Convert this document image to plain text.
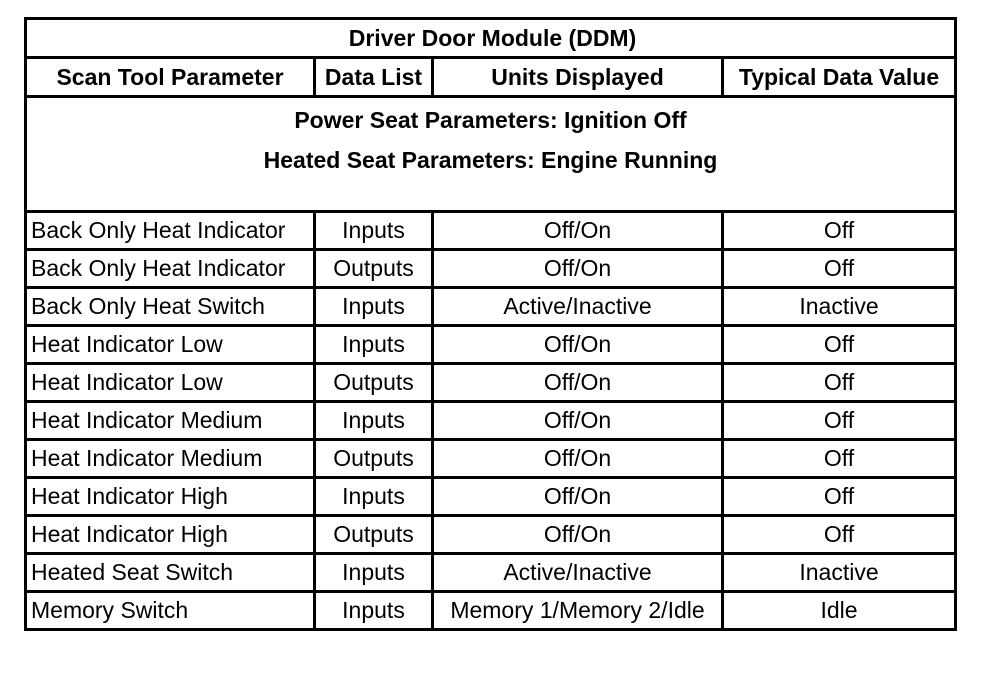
Driver Door Module (DDM)			
Scan Tool Parameter	Data List	Units Displayed	Typical Data Value

Power Seat Parameters: Ignition Off
Heated Seat Parameters: Engine Running			

Back Only Heat Indicator	Inputs	Off/On	Off
Back Only Heat Indicator	Outputs	Off/On	Off
Back Only Heat Switch	Inputs	Active/Inactive	Inactive
Heat Indicator Low	Inputs	Off/On	Off
Heat Indicator Low	Outputs	Off/On	Off
Heat Indicator Medium	Inputs	Off/On	Off
Heat Indicator Medium	Outputs	Off/On	Off
Heat Indicator High	Inputs	Off/On	Off
Heat Indicator High	Outputs	Off/On	Off
Heated Seat Switch	Inputs	Active/Inactive	Inactive
Memory Switch	Inputs	Memory 1/Memory 2/Idle	Idle
